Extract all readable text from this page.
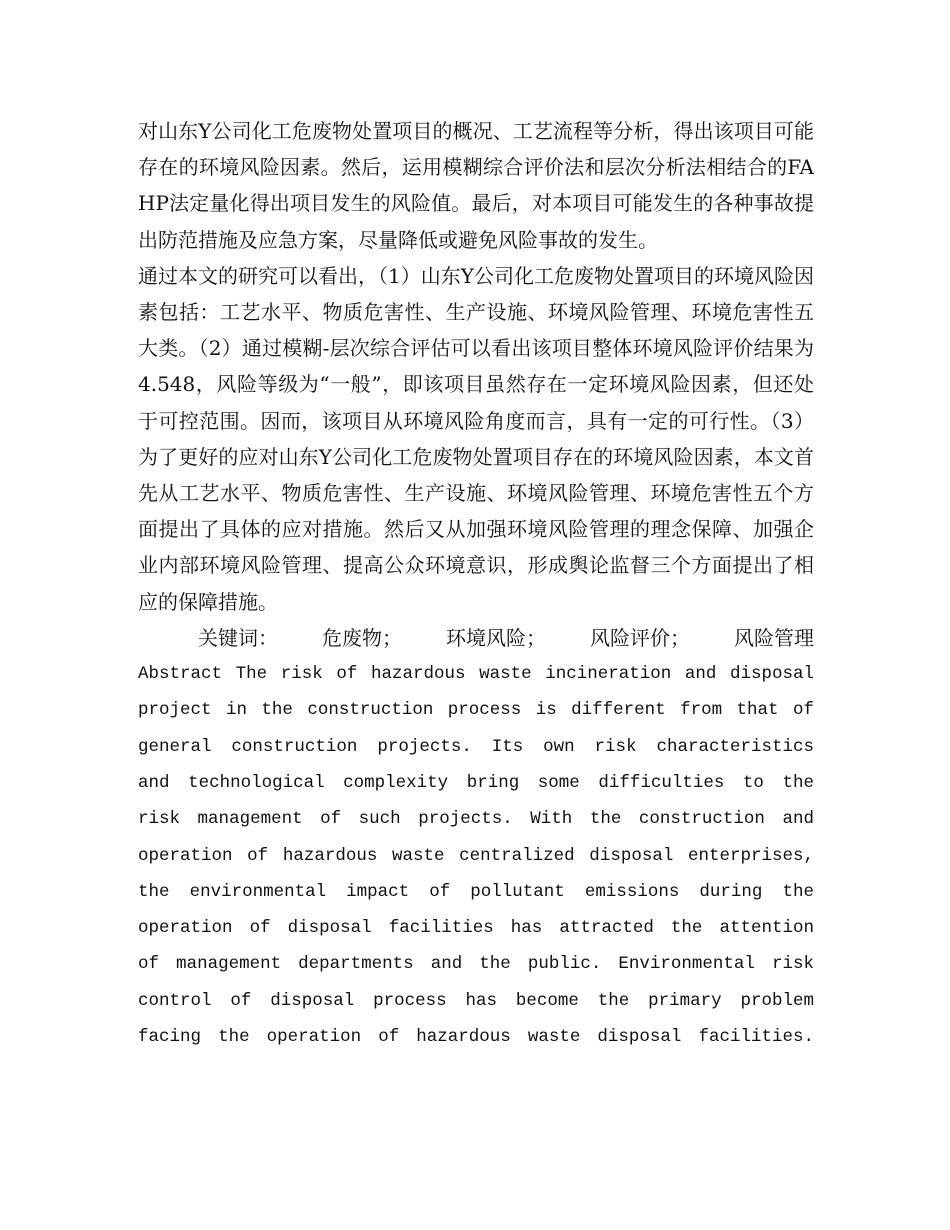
对山东Y公司化工危废物处置项目的概况、工艺流程等分析，得出该项目可能存在的环境风险因素。然后，运用模糊综合评价法和层次分析法相结合的FAHP法定量化得出项目发生的风险值。最后，对本项目可能发生的各种事故提出防范措施及应急方案，尽量降低或避免风险事故的发生。

通过本文的研究可以看出，（1）山东Y公司化工危废物处置项目的环境风险因素包括：工艺水平、物质危害性、生产设施、环境风险管理、环境危害性五大类。（2）通过模糊-层次综合评估可以看出该项目整体环境风险评价结果为4.548，风险等级为“一般”，即该项目虽然存在一定环境风险因素，但还处于可控范围。因而，该项目从环境风险角度而言，具有一定的可行性。（3）为了更好的应对山东Y公司化工危废物处置项目存在的环境风险因素，本文首先从工艺水平、物质危害性、生产设施、环境风险管理、环境危害性五个方面提出了具体的应对措施。然后又从加强环境风险管理的理念保障、加强企业内部环境风险管理、提高公众环境意识，形成舆论监督三个方面提出了相应的保障措施。

关键词： 危废物； 环境风险； 风险评价； 风险管理

Abstract The risk of hazardous waste incineration and disposal

project in the construction process is different from that of

general construction projects. Its own risk characteristics

and technological complexity bring some difficulties to the

risk management of such projects. With the construction and

operation of hazardous waste centralized disposal enterprises,

the environmental impact of pollutant emissions during the

operation of disposal facilities has attracted the attention

of management departments and the public. Environmental risk

control of disposal process has become the primary problem

facing the operation of hazardous waste disposal facilities.
